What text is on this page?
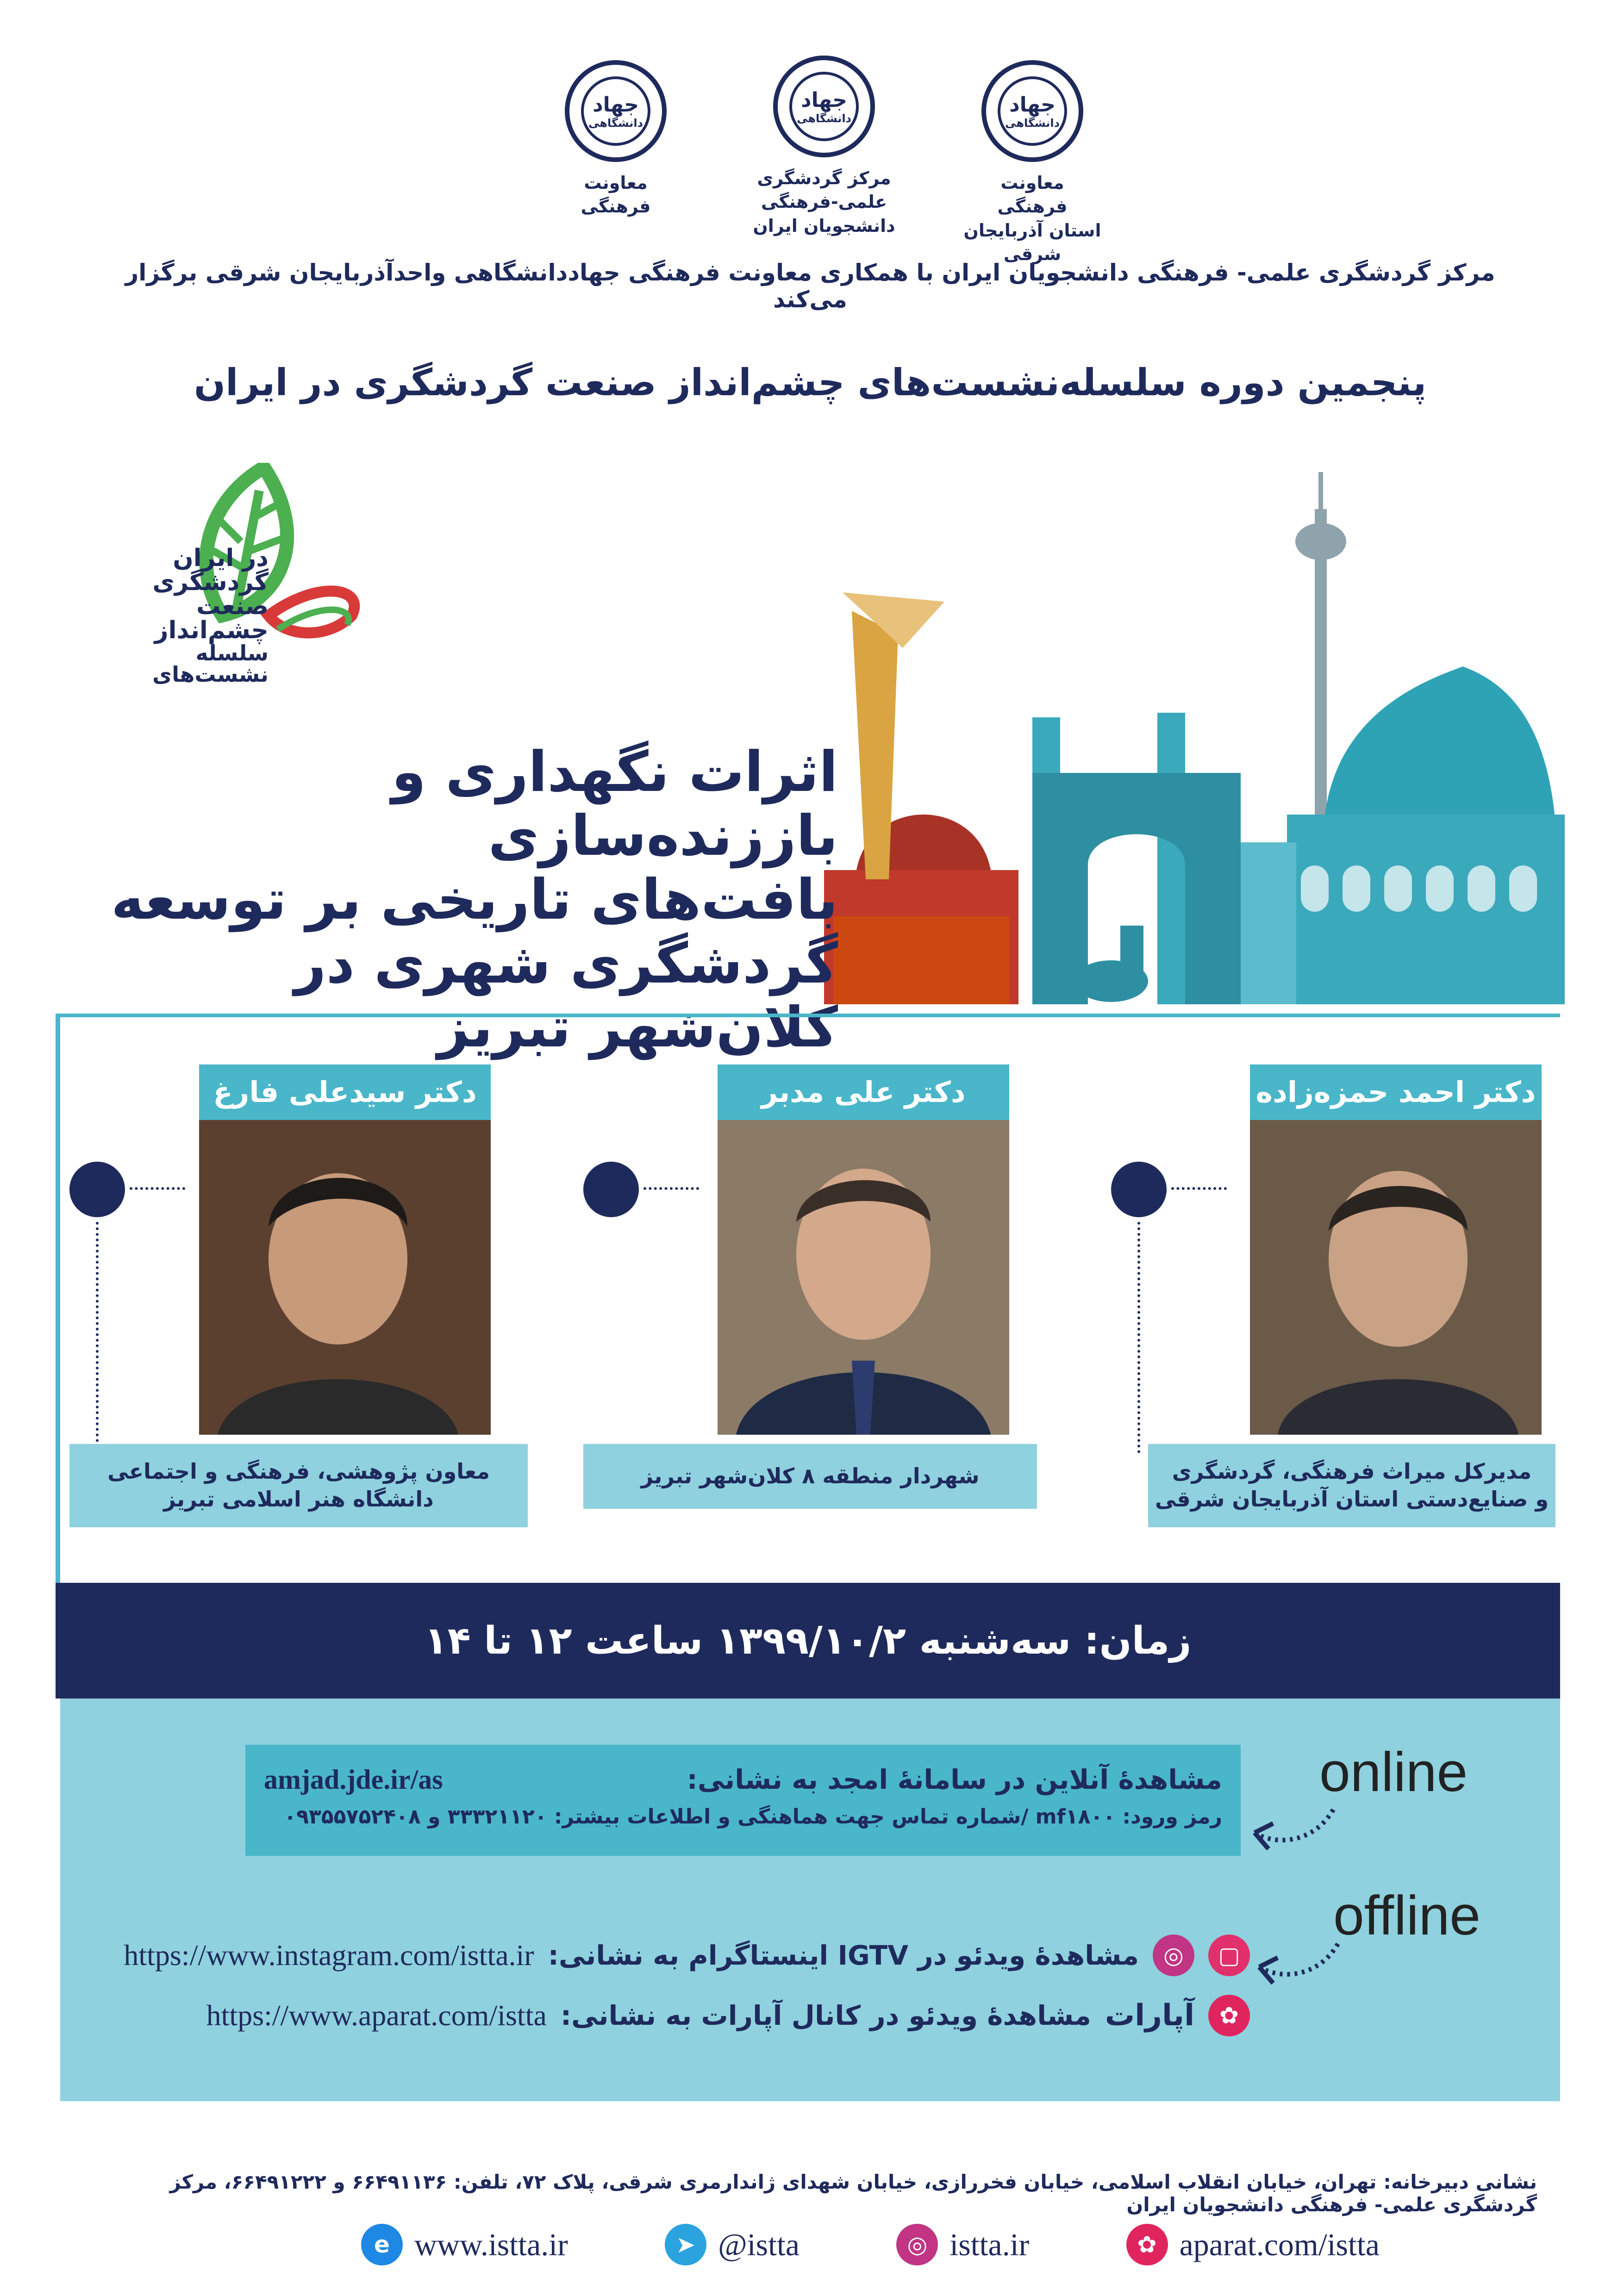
جهاد
دانشگاهی
معاونت فرهنگی
استان آذربایجان شرقی
جهاد
دانشگاهی
مرکز گردشگری علمی-فرهنگی
دانشجویان ایران
جهاد
دانشگاهی
معاونت فرهنگی
مرکز گردشگری علمی- فرهنگی دانشجویان ایران با همکاری معاونت فرهنگی جهاددانشگاهی واحدآذربایجان شرقی برگزار می‌کند
پنجمین دوره سلسله‌نشست‌های چشم‌انداز صنعت گردشگری در ایران
در ایران
گردشگری
صنعت
چشم‌انداز
سلسله نشست‌های
اثرات نگهداری و باززنده‌سازی
بافت‌های تاریخی بر توسعه
گردشگری شهری در کلان‌شهر تبریز
دکتر احمد حمزه‌زاده
مدیرکل میراث فرهنگی، گردشگری
و صنایع‌دستی استان آذربایجان شرقی
دکتر علی مدبر
شهردار منطقه ۸ کلان‌شهر تبریز
دکتر سیدعلی فارغ
معاون پژوهشی، فرهنگی و اجتماعی
دانشگاه هنر اسلامی تبریز
زمان: سه‌شنبه ۱۳۹۹/۱۰/۲ ساعت ۱۲ تا ۱۴
مشاهدهٔ آنلاین در سامانهٔ امجد به نشانی:
amjad.jde.ir/as
رمز ورود: mf۱۸۰۰ /شماره تماس جهت هماهنگی و اطلاعات بیشتر: ۳۳۳۲۱۱۲۰ و ۰۹۳۵۵۷۵۲۴۰۸
online
offline
https://www.instagram.com/istta.ir مشاهدهٔ ویدئو در IGTV اینستاگرام به نشانی:	◎	▢
https://www.aparat.com/istta مشاهدهٔ ویدئو در کانال آپارات به نشانی: آپارات	✿
نشانی دبیرخانه: تهران، خیابان انقلاب اسلامی، خیابان فخررازی، خیابان شهدای ژاندارمری شرقی، پلاک ۷۲، تلفن: ۶۶۴۹۱۱۳۶ و ۶۶۴۹۱۲۲۲، مرکز گردشگری علمی- فرهنگی دانشجویان ایران
e www.istta.ir	➤ @istta	◎ istta.ir	✿ aparat.com/istta
